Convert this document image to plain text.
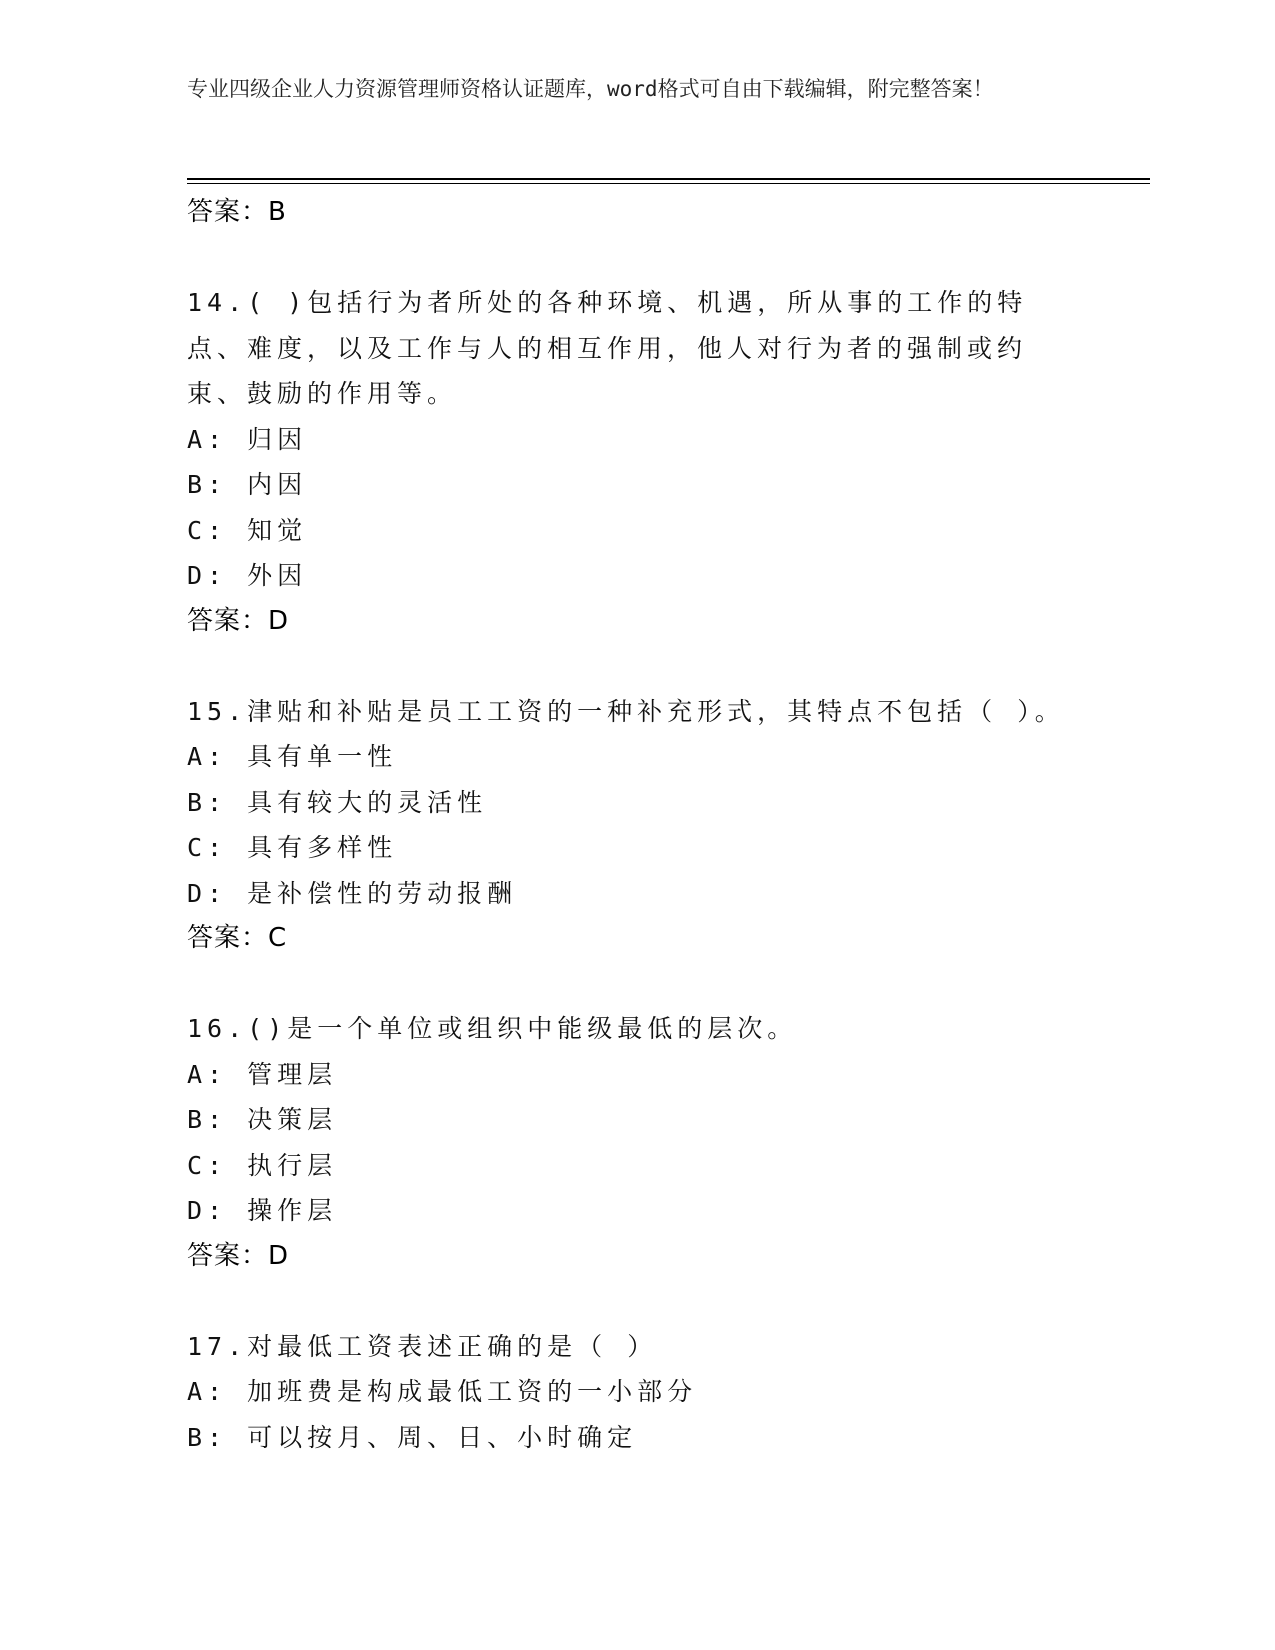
专业四级企业人力资源管理师资格认证题库，word格式可自由下载编辑，附完整答案！

答案：B

14.( )包括行为者所处的各种环境、机遇，所从事的工作的特点、难度，以及工作与人的相互作用，他人对行为者的强制或约束、鼓励的作用等。

A: 归因

B: 内因

C: 知觉

D: 外因

答案：D

15.津贴和补贴是员工工资的一种补充形式，其特点不包括（ ）。

A: 具有单一性

B: 具有较大的灵活性

C: 具有多样性

D: 是补偿性的劳动报酬

答案：C

16.()是一个单位或组织中能级最低的层次。

A: 管理层

B: 决策层

C: 执行层

D: 操作层

答案：D

17.对最低工资表述正确的是（ ）

A: 加班费是构成最低工资的一小部分

B: 可以按月、周、日、小时确定
